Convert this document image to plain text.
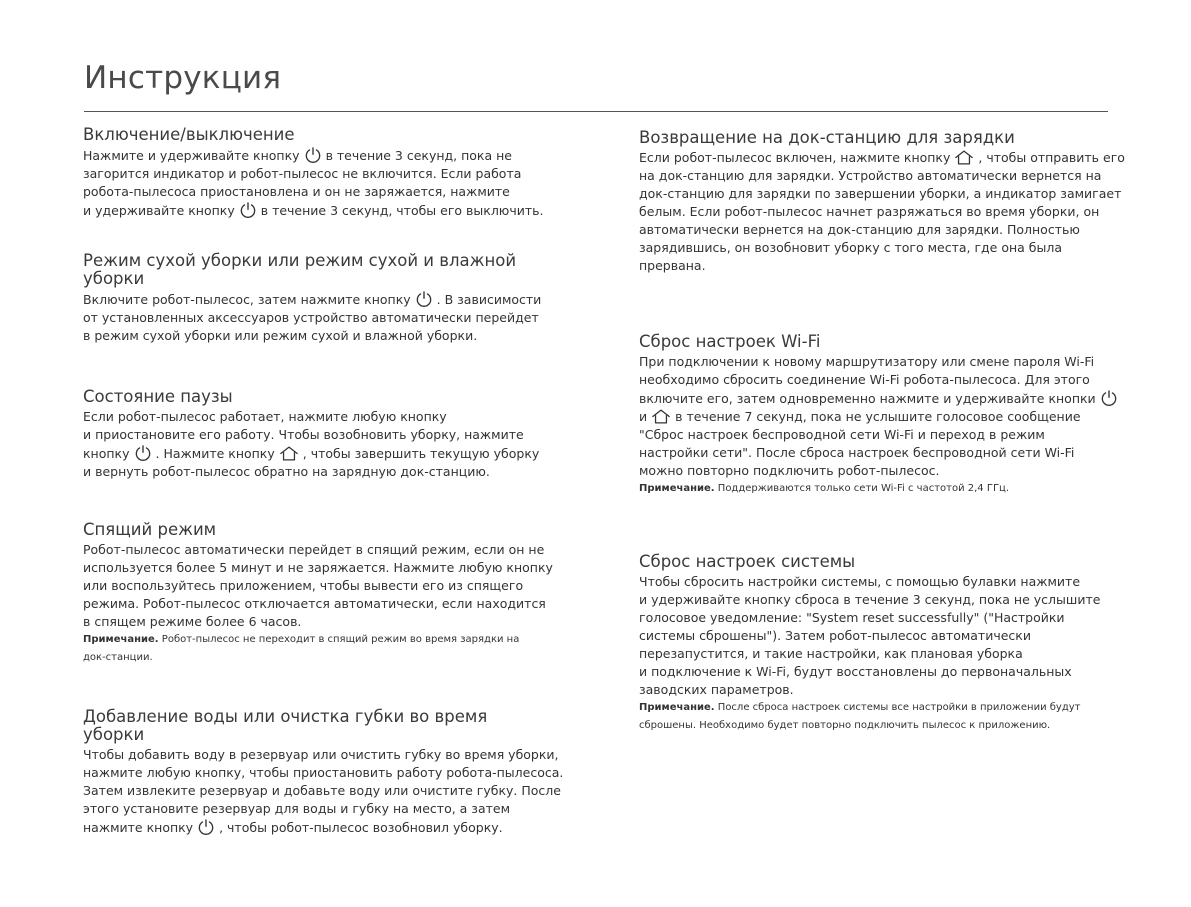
Инструкция
Включение/выключение
Нажмите и удерживайте кнопку в течение 3 секунд, пока не
загорится индикатор и робот-пылесос не включится. Если работа
робота-пылесоса приостановлена и он не заряжается, нажмите
и удерживайте кнопку в течение 3 секунд, чтобы его выключить.
Режим сухой уборки или режим сухой и влажной
уборки
Включите робот-пылесос, затем нажмите кнопку . В зависимости
от установленных аксессуаров устройство автоматически перейдет
в режим сухой уборки или режим сухой и влажной уборки.
Состояние паузы
Если робот-пылесос работает, нажмите любую кнопку
и приостановите его работу. Чтобы возобновить уборку, нажмите
кнопку . Нажмите кнопку , чтобы завершить текущую уборку
и вернуть робот-пылесос обратно на зарядную док-станцию.
Спящий режим
Робот-пылесос автоматически перейдет в спящий режим, если он не
используется более 5 минут и не заряжается. Нажмите любую кнопку
или воспользуйтесь приложением, чтобы вывести его из спящего
режима. Робот-пылесос отключается автоматически, если находится
в спящем режиме более 6 часов.
Примечание. Робот-пылесос не переходит в спящий режим во время зарядки на
док-станции.
Добавление воды или очистка губки во время уборки
Чтобы добавить воду в резервуар или очистить губку во время уборки,
нажмите любую кнопку, чтобы приостановить работу робота-пылесоса.
Затем извлеките резервуар и добавьте воду или очистите губку. После
этого установите резервуар для воды и губку на место, а затем
нажмите кнопку , чтобы робот-пылесос возобновил уборку.
Возвращение на док-станцию для зарядки
Если робот-пылесос включен, нажмите кнопку , чтобы отправить его
на док-станцию для зарядки. Устройство автоматически вернется на
док-станцию для зарядки по завершении уборки, а индикатор замигает
белым. Если робот-пылесос начнет разряжаться во время уборки, он
автоматически вернется на док-станцию для зарядки. Полностью
зарядившись, он возобновит уборку с того места, где она была
прервана.
Сброс настроек Wi-Fi
При подключении к новому маршрутизатору или смене пароля Wi-Fi
необходимо сбросить соединение Wi-Fi робота-пылесоса. Для этого
включите его, затем одновременно нажмите и удерживайте кнопки
и в течение 7 секунд, пока не услышите голосовое сообщение
"Сброс настроек беспроводной сети Wi-Fi и переход в режим
настройки сети". После сброса настроек беспроводной сети Wi-Fi
можно повторно подключить робот-пылесос.
Примечание. Поддерживаются только сети Wi-Fi с частотой 2,4 ГГц.
Сброс настроек системы
Чтобы сбросить настройки системы, с помощью булавки нажмите
и удерживайте кнопку сброса в течение 3 секунд, пока не услышите
голосовое уведомление: "System reset successfully" ("Настройки
системы сброшены"). Затем робот-пылесос автоматически
перезапустится, и такие настройки, как плановая уборка
и подключение к Wi-Fi, будут восстановлены до первоначальных
заводских параметров.
Примечание. После сброса настроек системы все настройки в приложении будут
сброшены. Необходимо будет повторно подключить пылесос к приложению.
